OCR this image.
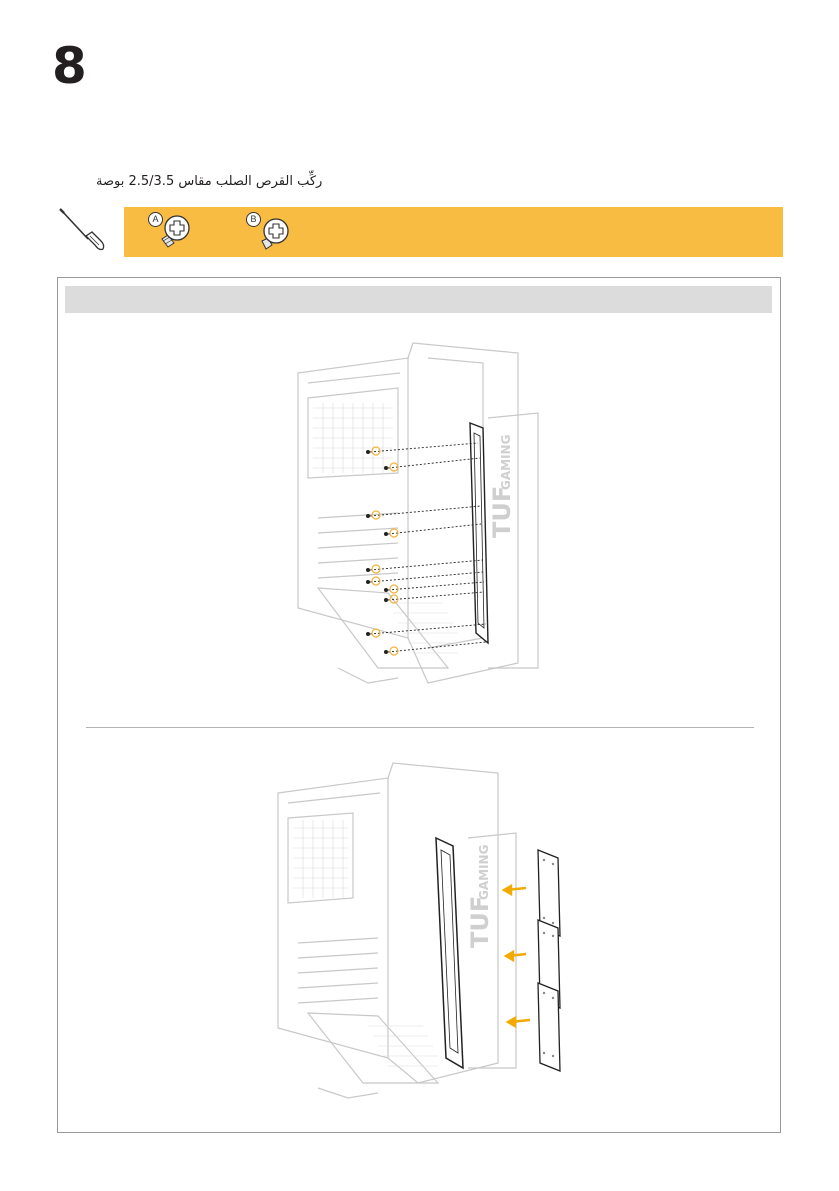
8
ركِّب القرص الصلب مقاس 2.5/3.5 بوصة
A	B
TUF
GAMING
TUF
GAMING
